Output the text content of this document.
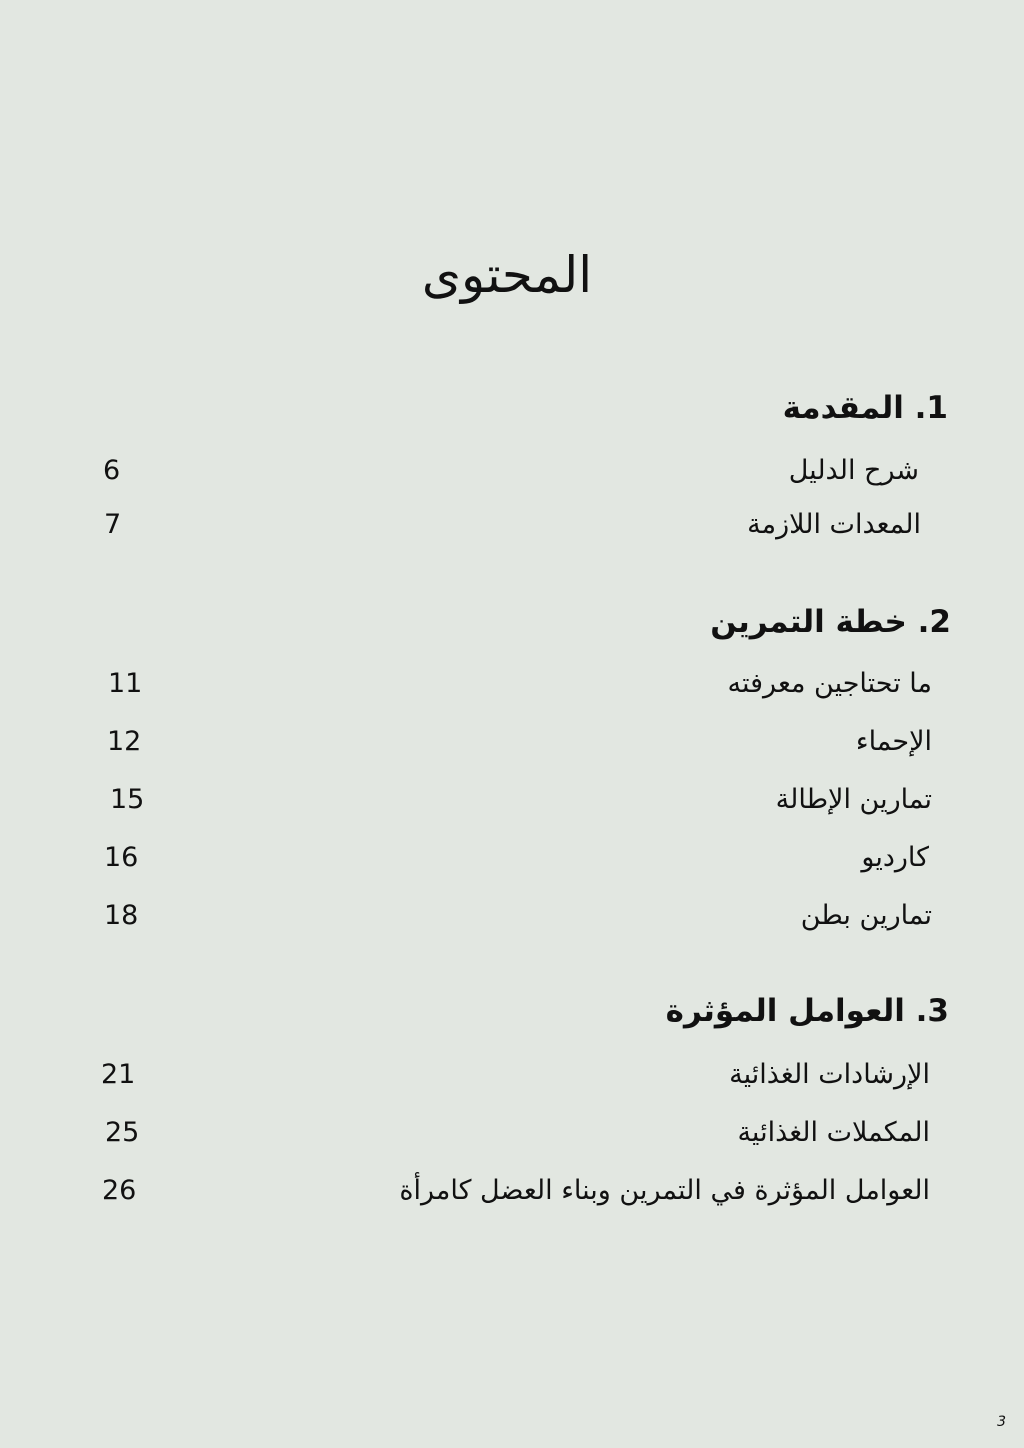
المحتوى
1. المقدمة
شرح الدليل
6
المعدات اللازمة
7
2. خطة التمرين
ما تحتاجين معرفته
11
الإحماء
12
تمارين الإطالة
15
كارديو
16
تمارين بطن
18
3. العوامل المؤثرة
الإرشادات الغذائية
21
المكملات الغذائية
25
العوامل المؤثرة في التمرين وبناء العضل كامرأة
26
3
